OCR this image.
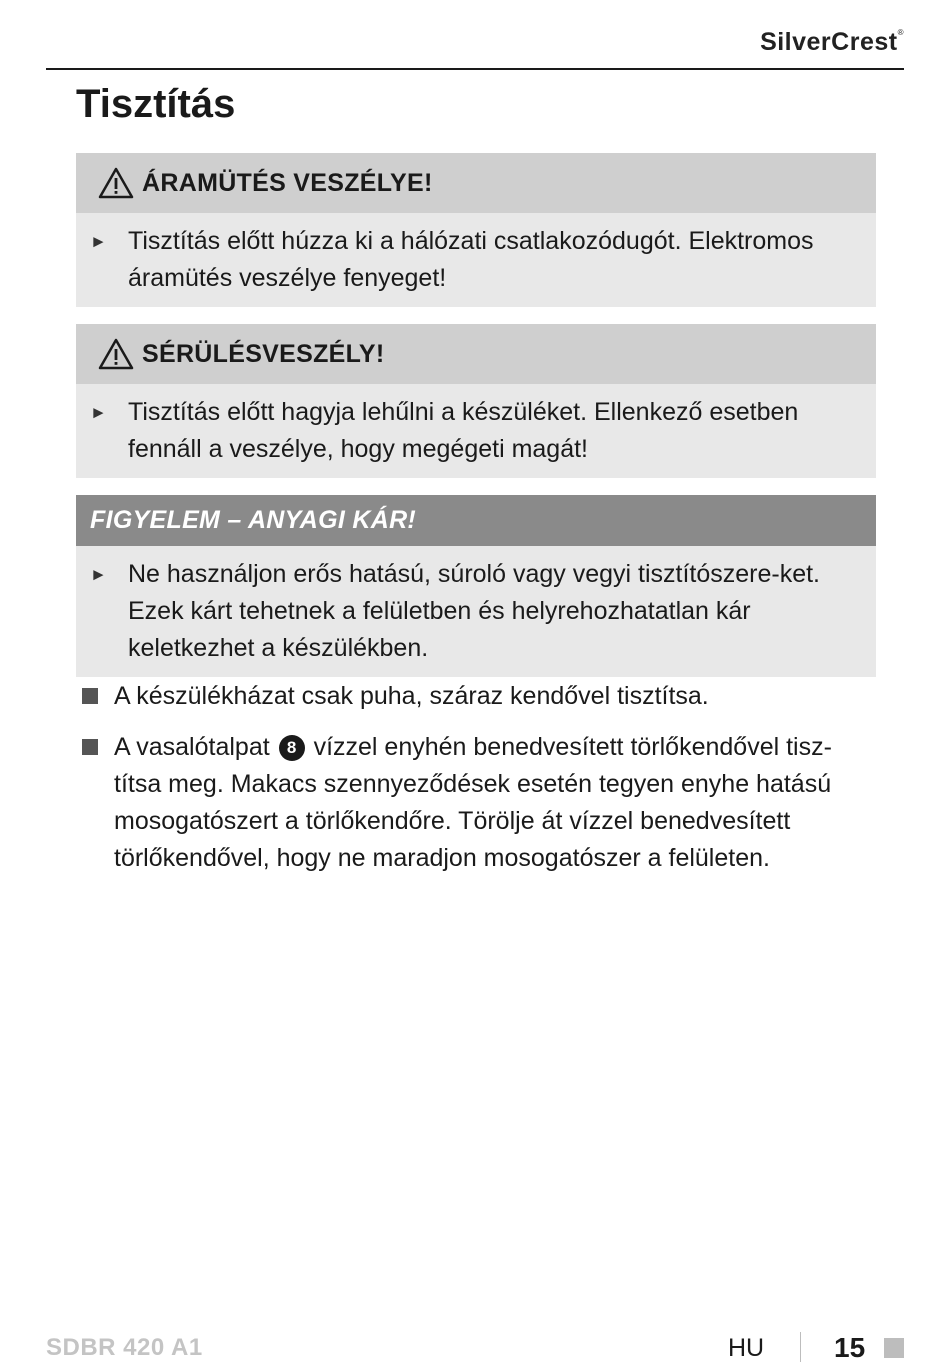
SilverCrest®
Tisztítás
ÁRAMÜTÉS VESZÉLYE!
► Tisztítás előtt húzza ki a hálózati csatlakozódugót. Elektromos áramütés veszélye fenyeget!
SÉRÜLÉSVESZÉLY!
► Tisztítás előtt hagyja lehűlni a készüléket. Ellenkező esetben fennáll a veszélye, hogy megégeti magát!
FIGYELEM – ANYAGI KÁR!
► Ne használjon erős hatású, súroló vagy vegyi tisztítószere-ket. Ezek kárt tehetnek a felületben és helyrehozhatatlan kár keletkezhet a készülékben.
A készülékházat csak puha, száraz kendővel tisztítsa.
A vasalótalpat 8 vízzel enyhén benedvesített törlőkendővel tisz-títsa meg. Makacs szennyeződések esetén tegyen enyhe hatású mosogatószert a törlőkendőre. Törölje át vízzel benedvesített törlőkendővel, hogy ne maradjon mosogatószer a felületen.
SDBR 420 A1	HU 15
